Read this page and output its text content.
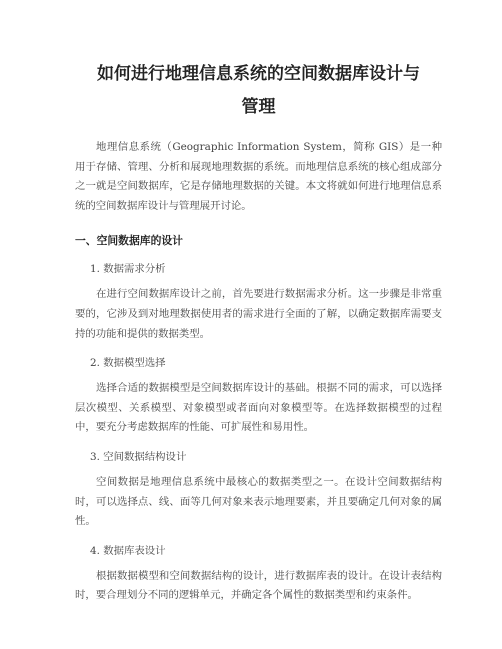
如何进行地理信息系统的空间数据库设计与
管理

地理信息系统（Geographic Information System，简称 GIS）是一种用于存储、管理、分析和展现地理数据的系统。而地理信息系统的核心组成部分之一就是空间数据库，它是存储地理数据的关键。本文将就如何进行地理信息系统的空间数据库设计与管理展开讨论。

一、空间数据库的设计
1. 数据需求分析

在进行空间数据库设计之前，首先要进行数据需求分析。这一步骤是非常重要的，它涉及到对地理数据使用者的需求进行全面的了解，以确定数据库需要支持的功能和提供的数据类型。

2. 数据模型选择

选择合适的数据模型是空间数据库设计的基础。根据不同的需求，可以选择层次模型、关系模型、对象模型或者面向对象模型等。在选择数据模型的过程中，要充分考虑数据库的性能、可扩展性和易用性。

3. 空间数据结构设计

空间数据是地理信息系统中最核心的数据类型之一。在设计空间数据结构时，可以选择点、线、面等几何对象来表示地理要素，并且要确定几何对象的属性。

4. 数据库表设计

根据数据模型和空间数据结构的设计，进行数据库表的设计。在设计表结构时，要合理划分不同的逻辑单元，并确定各个属性的数据类型和约束条件。
